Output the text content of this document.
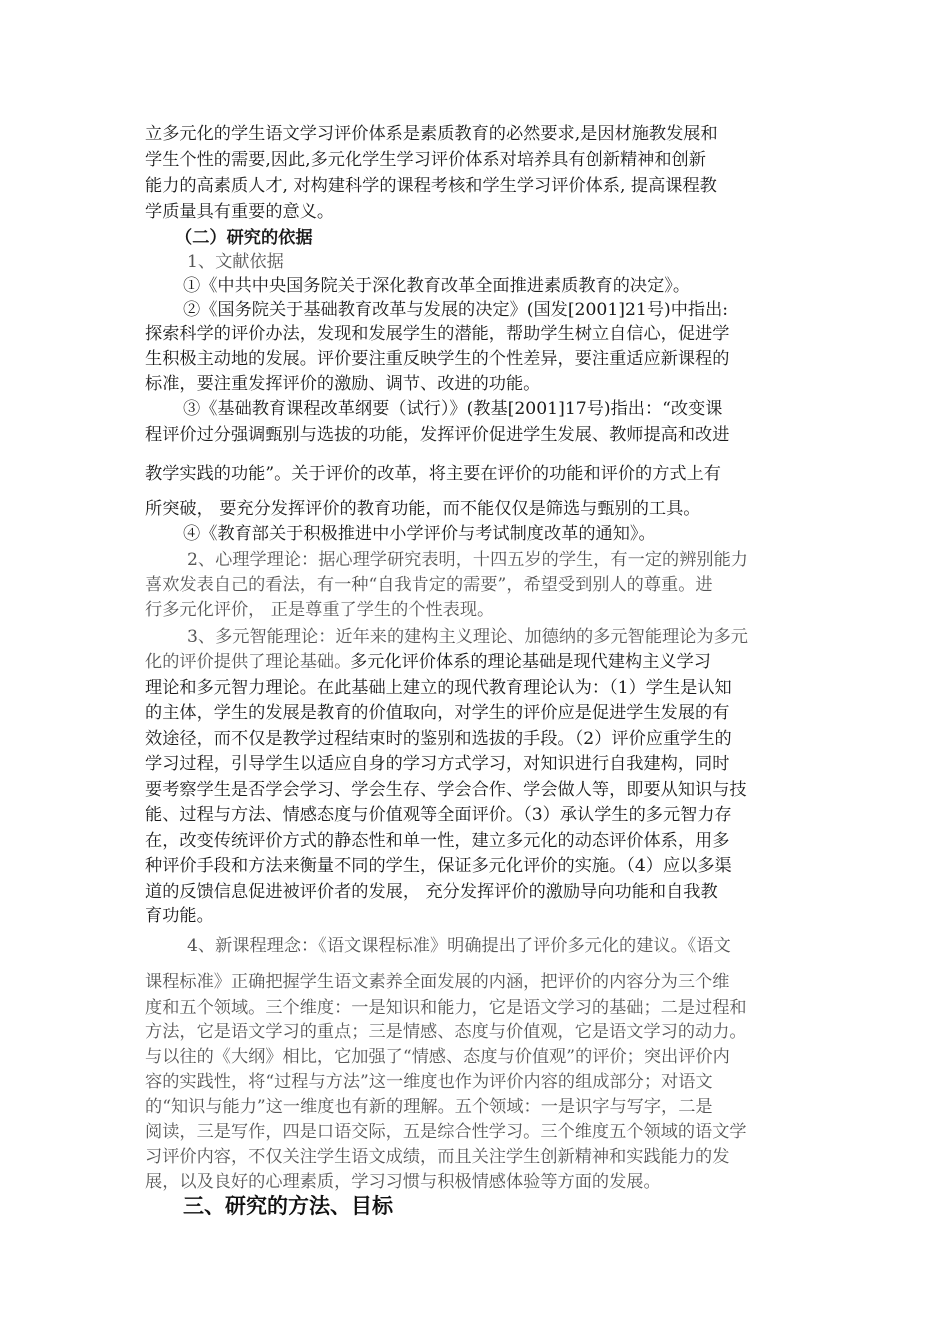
立多元化的学生语文学习评价体系是素质教育的必然要求,是因材施教发展和
学生个性的需要,因此,多元化学生学习评价体系对培养具有创新精神和创新
能力的高素质人才, 对构建科学的课程考核和学生学习评价体系, 提高课程教
学质量具有重要的意义。
（二）研究的依据
1、文献依据
①《中共中央国务院关于深化教育改革全面推进素质教育的决定》。
②《国务院关于基础教育改革与发展的决定》(国发[2001]21号)中指出:
探索科学的评价办法，发现和发展学生的潜能，帮助学生树立自信心，促进学
生积极主动地的发展。评价要注重反映学生的个性差异，要注重适应新课程的
标准，要注重发挥评价的激励、调节、改进的功能。
③《基础教育课程改革纲要（试行）》(教基[2001]17号)指出：“改变课
程评价过分强调甄别与选拔的功能，发挥评价促进学生发展、教师提高和改进
教学实践的功能”。关于评价的改革，将主要在评价的功能和评价的方式上有
所突破， 要充分发挥评价的教育功能，而不能仅仅是筛选与甄别的工具。
④《教育部关于积极推进中小学评价与考试制度改革的通知》。
2、心理学理论：据心理学研究表明，十四五岁的学生，有一定的辨别能力
喜欢发表自己的看法，有一种“自我肯定的需要”，希望受到别人的尊重。进
行多元化评价， 正是尊重了学生的个性表现。
3、多元智能理论：近年来的建构主义理论、加德纳的多元智能理论为多元
化的评价提供了理论基础。
多元化评价体系的理论基础是现代建构主义学习
理论和多元智力理论。在此基础上建立的现代教育理论认为：（1）学生是认知
的主体，学生的发展是教育的价值取向，对学生的评价应是促进学生发展的有
效途径，而不仅是教学过程结束时的鉴别和选拔的手段。（2）评价应重学生的
学习过程，引导学生以适应自身的学习方式学习，对知识进行自我建构，同时
要考察学生是否学会学习、学会生存、学会合作、学会做人等，即要从知识与技
能、过程与方法、情感态度与价值观等全面评价。（3）承认学生的多元智力存
在，改变传统评价方式的静态性和单一性，建立多元化的动态评价体系，用多
种评价手段和方法来衡量不同的学生，保证多元化评价的实施。（4）应以多渠
道的反馈信息促进被评价者的发展， 充分发挥评价的激励导向功能和自我教
育功能。
4、新课程理念：《语文课程标准》明确提出了评价多元化的建议。《语文
课程标准》正确把握学生语文素养全面发展的内涵，把评价的内容分为三个维
度和五个领域。三个维度：一是知识和能力，它是语文学习的基础；二是过程和
方法，它是语文学习的重点；三是情感、态度与价值观，它是语文学习的动力。
与以往的《大纲》相比，它加强了“情感、态度与价值观”的评价；突出评价内
容的实践性，将“过程与方法”这一维度也作为评价内容的组成部分；对语文
的“知识与能力”这一维度也有新的理解。五个领域：一是识字与写字，二是
阅读，三是写作，四是口语交际，五是综合性学习。三个维度五个领域的语文学
习评价内容，不仅关注学生语文成绩，而且关注学生创新精神和实践能力的发
展，以及良好的心理素质，学习习惯与积极情感体验等方面的发展。
三、研究的方法、目标
